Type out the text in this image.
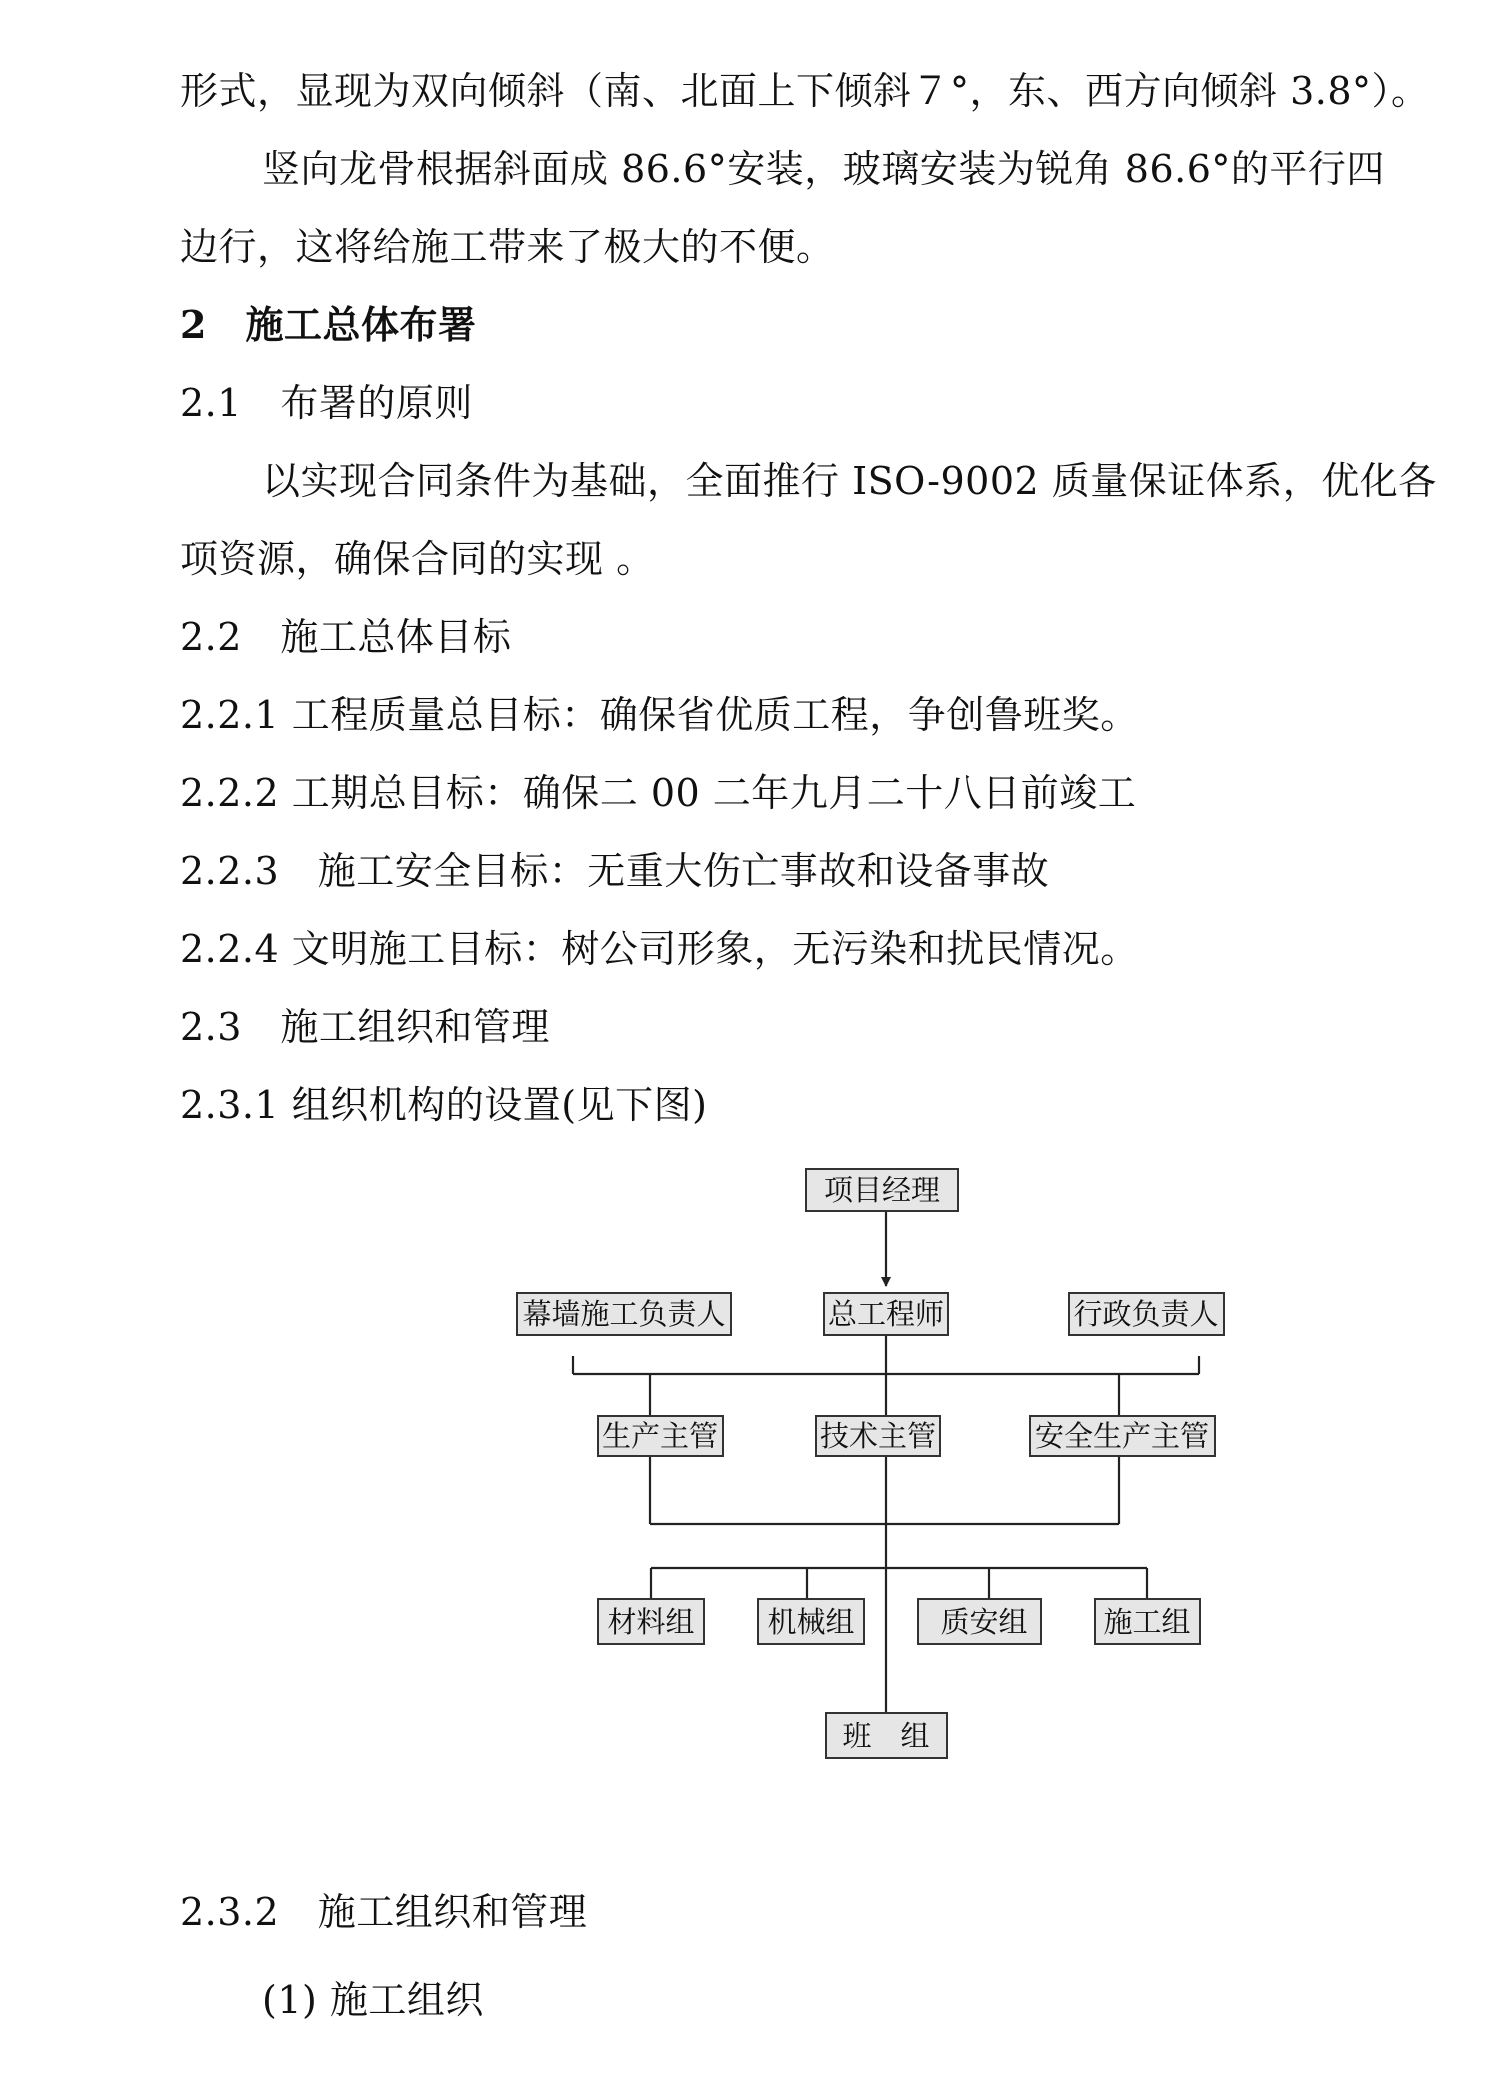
形式，显现为双向倾斜（南、北面上下倾斜７°，东、西方向倾斜 3.8°）。
竖向龙骨根据斜面成 86.6°安装，玻璃安装为锐角 86.6°的平行四
边行，这将给施工带来了极大的不便。
2　施工总体布署
2.1　布署的原则
以实现合同条件为基础，全面推行 ISO-9002 质量保证体系，优化各
项资源，确保合同的实现 。
2.2　施工总体目标
2.2.1 工程质量总目标：确保省优质工程，争创鲁班奖。
2.2.2 工期总目标：确保二 00 二年九月二十八日前竣工
2.2.3　施工安全目标：无重大伤亡事故和设备事故
2.2.4 文明施工目标：树公司形象，无污染和扰民情况。
2.3　施工组织和管理
2.3.1 组织机构的设置(见下图)
项目经理
幕墙施工负责人	总工程师	行政负责人
生产主管	技术主管	安全生产主管
材料组	机械组	质安组	施工组
班　组
2.3.2　施工组织和管理
(1) 施工组织
